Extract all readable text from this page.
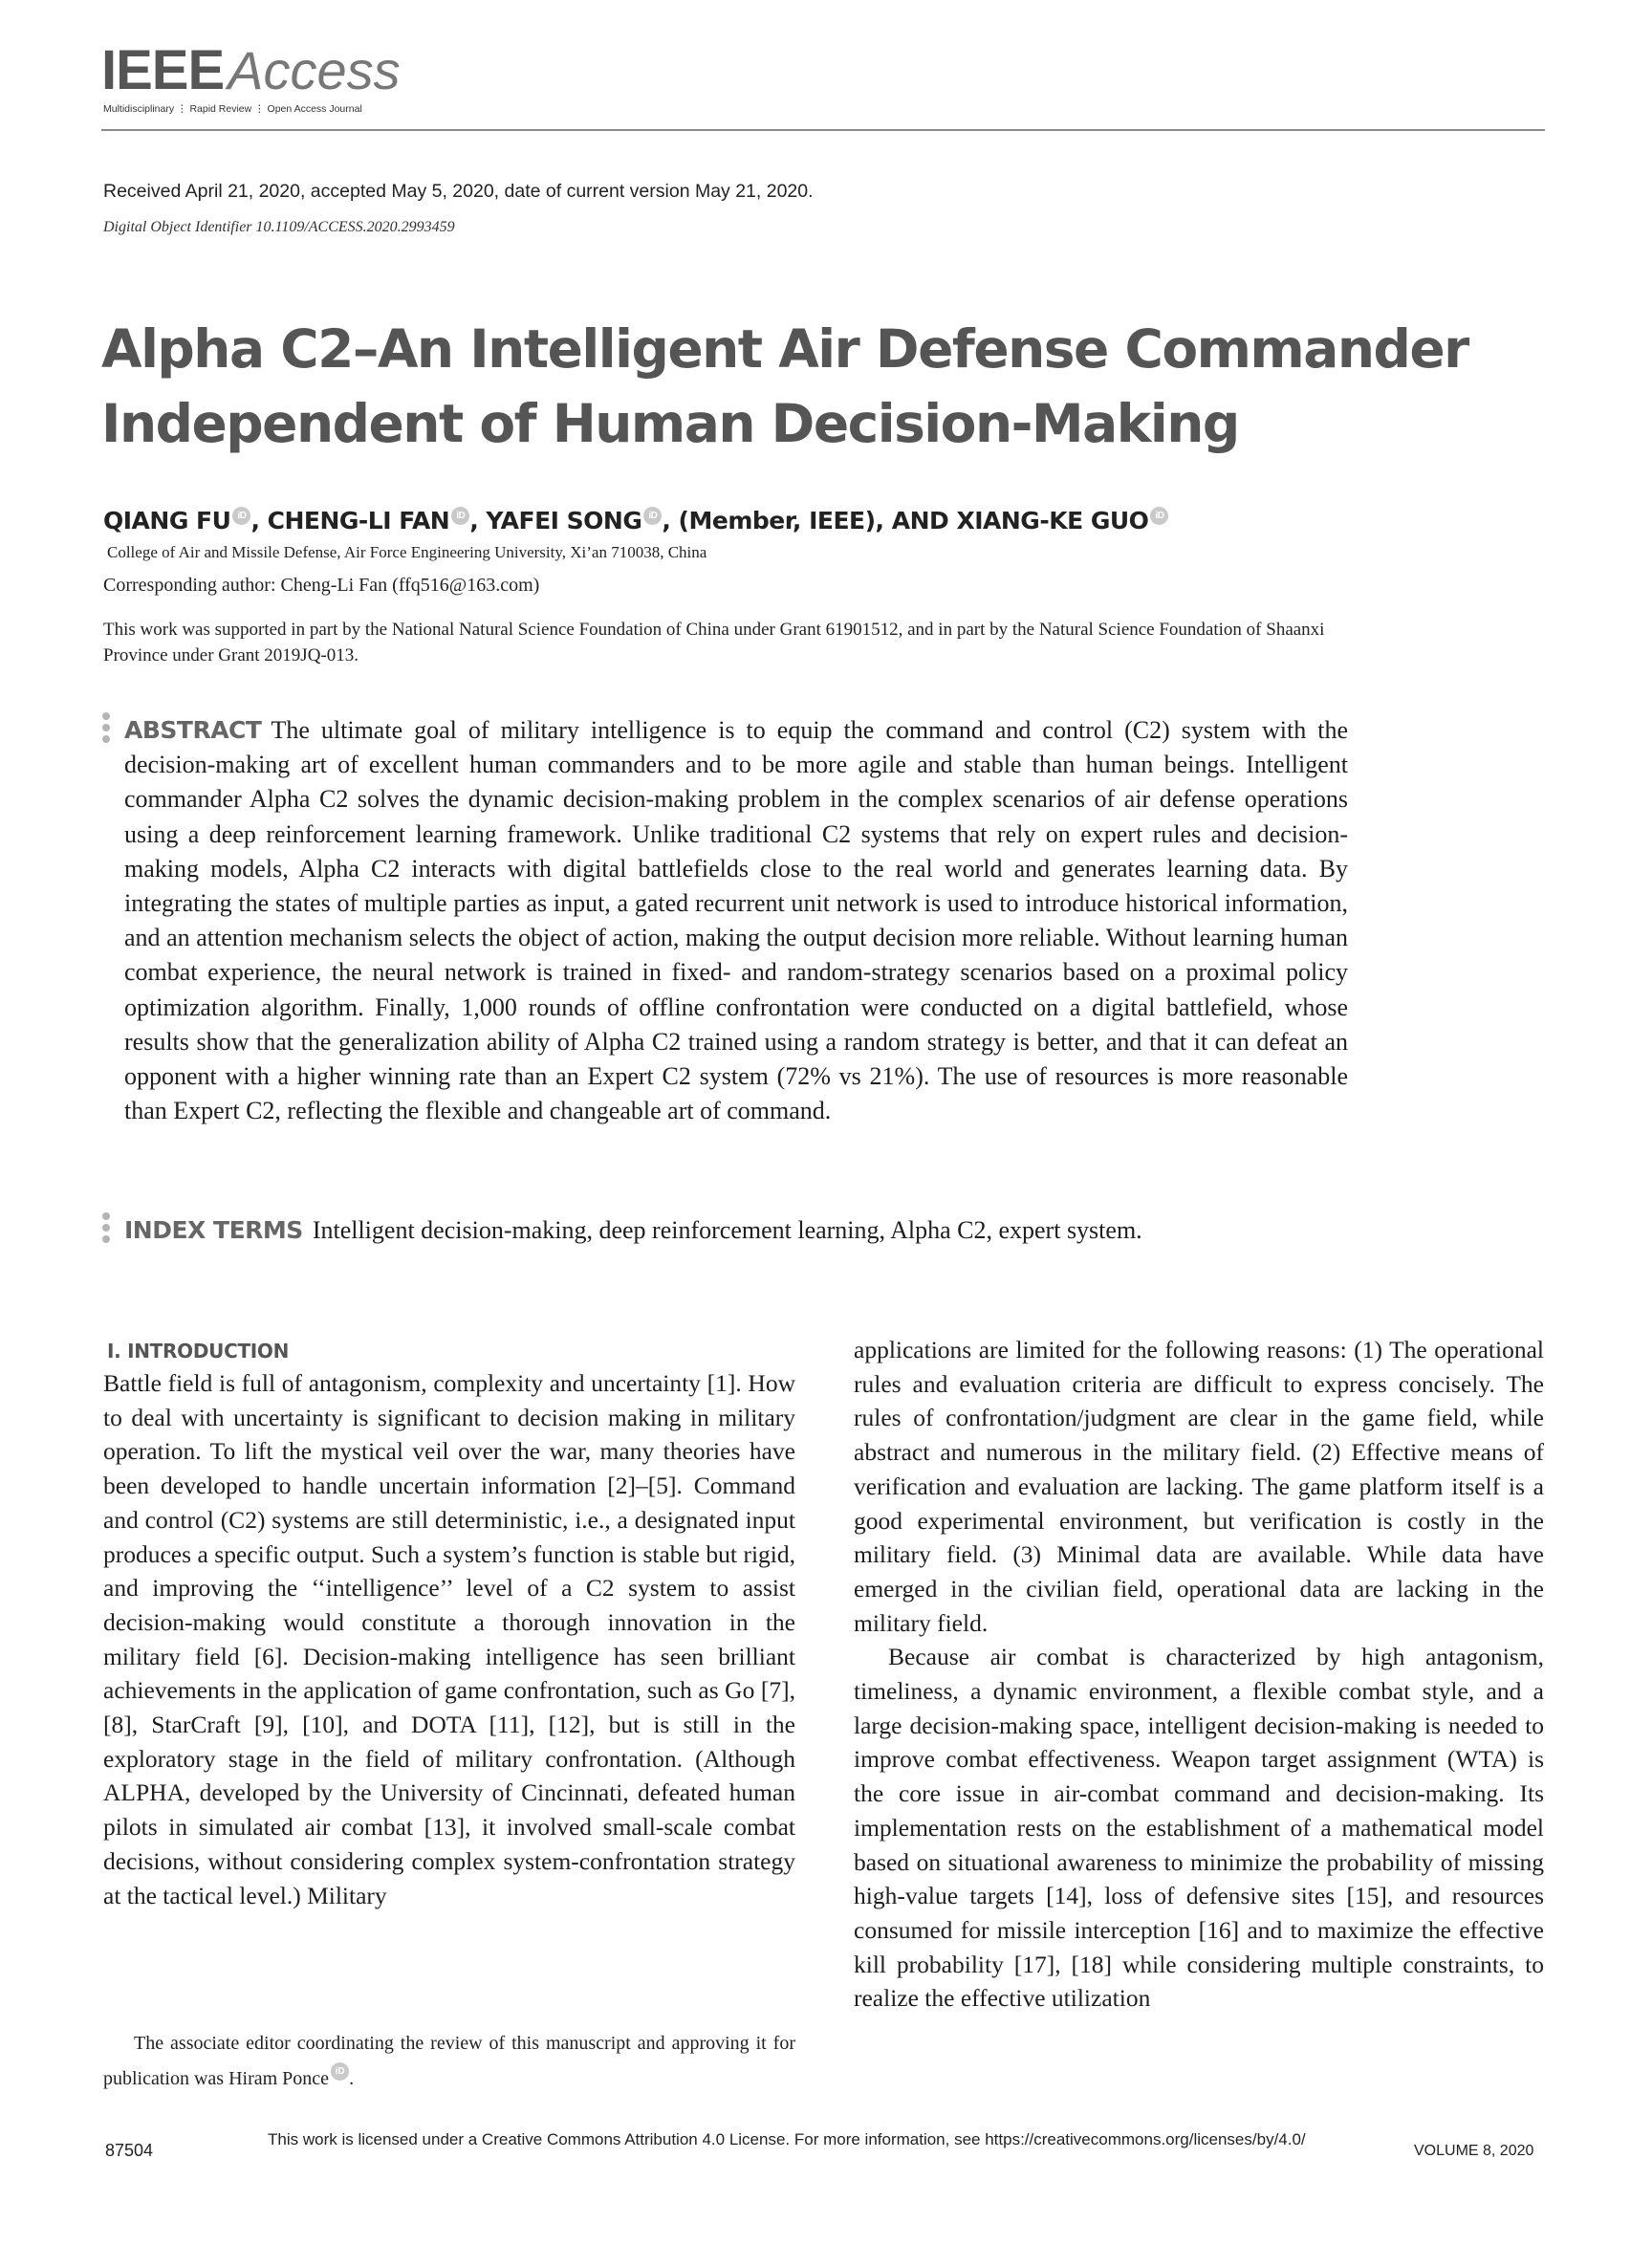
IEEEAccess
Multidisciplinary ⋮ Rapid Review ⋮ Open Access Journal
Received April 21, 2020, accepted May 5, 2020, date of current version May 21, 2020.
Digital Object Identifier 10.1109/ACCESS.2020.2993459
Alpha C2–An Intelligent Air Defense Commander Independent of Human Decision-Making
QIANG FU iD , CHENG-LI FAN iD , YAFEI SONG iD , (Member, IEEE), AND XIANG-KE GUO iD
College of Air and Missile Defense, Air Force Engineering University, Xi’an 710038, China
Corresponding author: Cheng-Li Fan (ffq516@163.com)
This work was supported in part by the National Natural Science Foundation of China under Grant 61901512, and in part by the Natural Science Foundation of Shaanxi Province under Grant 2019JQ-013.
ABSTRACT The ultimate goal of military intelligence is to equip the command and control (C2) system with the decision-making art of excellent human commanders and to be more agile and stable than human beings. Intelligent commander Alpha C2 solves the dynamic decision-making problem in the complex scenarios of air defense operations using a deep reinforcement learning framework. Unlike traditional C2 systems that rely on expert rules and decision-making models, Alpha C2 interacts with digital battlefields close to the real world and generates learning data. By integrating the states of multiple parties as input, a gated recurrent unit network is used to introduce historical information, and an attention mechanism selects the object of action, making the output decision more reliable. Without learning human combat experience, the neural network is trained in fixed- and random-strategy scenarios based on a proximal policy optimization algorithm. Finally, 1,000 rounds of offline confrontation were conducted on a digital battlefield, whose results show that the generalization ability of Alpha C2 trained using a random strategy is better, and that it can defeat an opponent with a higher winning rate than an Expert C2 system (72% vs 21%). The use of resources is more reasonable than Expert C2, reflecting the flexible and changeable art of command.
INDEX TERMS Intelligent decision-making, deep reinforcement learning, Alpha C2, expert system.
I. INTRODUCTION

Battle field is full of antagonism, complexity and uncertainty [1]. How to deal with uncertainty is significant to decision making in military operation. To lift the mystical veil over the war, many theories have been developed to handle uncertain information [2]–[5]. Command and control (C2) systems are still deterministic, i.e., a designated input produces a specific output. Such a system’s function is stable but rigid, and improving the ‘‘intelligence’’ level of a C2 system to assist decision-making would constitute a thorough innovation in the military field [6]. Decision-making intelligence has seen brilliant achievements in the application of game confrontation, such as Go [7], [8], StarCraft [9], [10], and DOTA [11], [12], but is still in the exploratory stage in the field of military confrontation. (Although ALPHA, developed by the University of Cincinnati, defeated human pilots in simulated air combat [13], it involved small-scale combat decisions, without considering complex system-confrontation strategy at the tactical level.) Military

applications are limited for the following reasons: (1) The operational rules and evaluation criteria are difficult to express concisely. The rules of confrontation/judgment are clear in the game field, while abstract and numerous in the military field. (2) Effective means of verification and evaluation are lacking. The game platform itself is a good experimental environment, but verification is costly in the military field. (3) Minimal data are available. While data have emerged in the civilian field, operational data are lacking in the military field.

Because air combat is characterized by high antagonism, timeliness, a dynamic environment, a flexible combat style, and a large decision-making space, intelligent decision-making is needed to improve combat effectiveness. Weapon target assignment (WTA) is the core issue in air-combat command and decision-making. Its implementation rests on the establishment of a mathematical model based on situational awareness to minimize the probability of missing high-value targets [14], loss of defensive sites [15], and resources consumed for missile interception [16] and to maximize the effective kill probability [17], [18] while considering multiple constraints, to realize the effective utilization

The associate editor coordinating the review of this manuscript and approving it for publication was Hiram Ponce iD .
87504
This work is licensed under a Creative Commons Attribution 4.0 License. For more information, see https://creativecommons.org/licenses/by/4.0/
VOLUME 8, 2020
